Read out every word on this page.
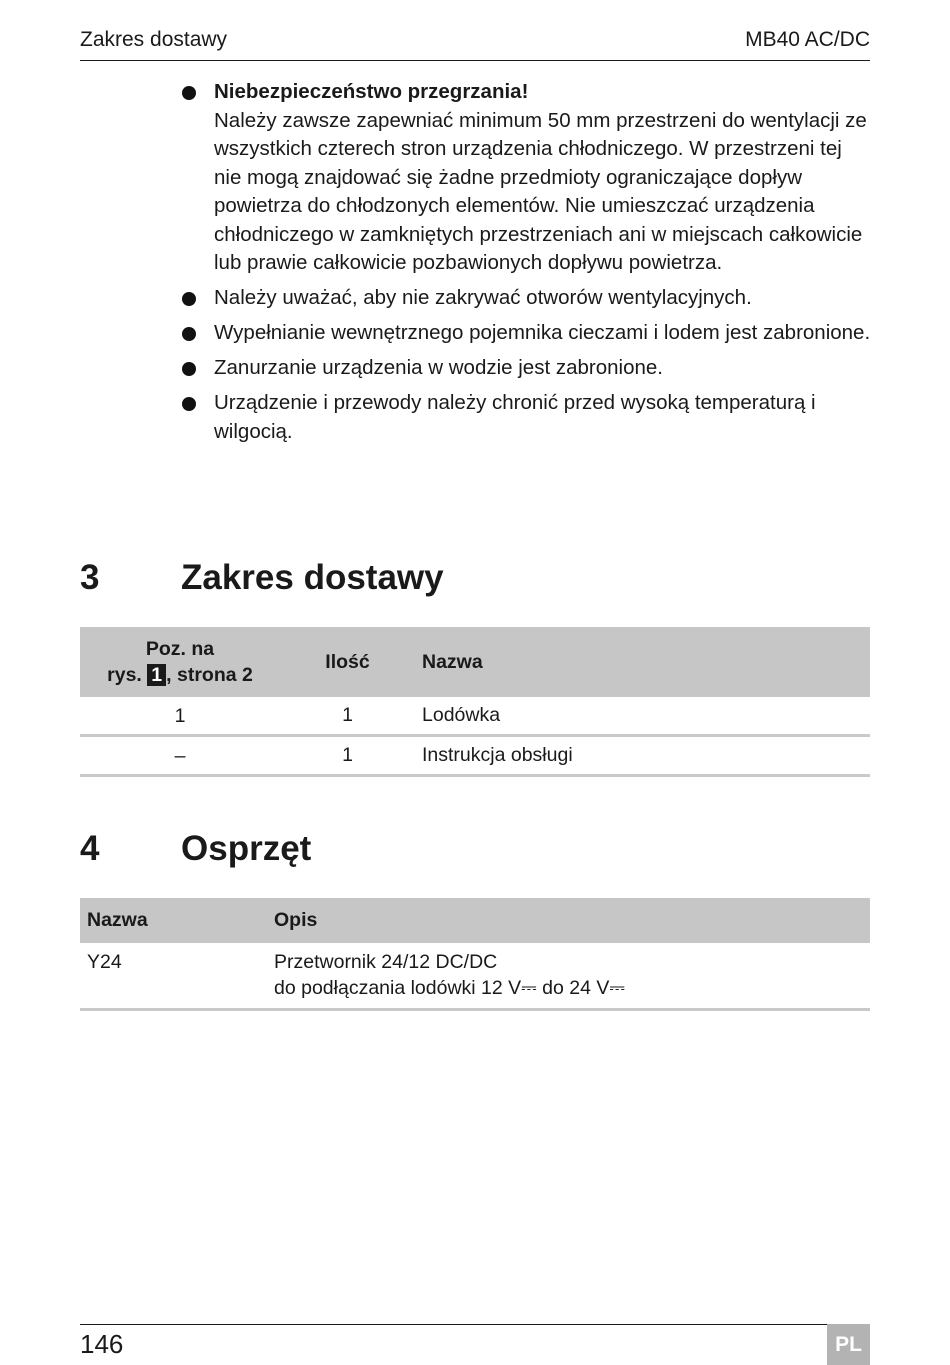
Zakres dostawy	MB40 AC/DC
Niebezpieczeństwo przegrzania!
Należy zawsze zapewniać minimum 50 mm przestrzeni do wentylacji ze wszystkich czterech stron urządzenia chłodniczego. W przestrzeni tej nie mogą znajdować się żadne przedmioty ograniczające dopływ powietrza do chłodzonych elementów. Nie umieszczać urządzenia chłodniczego w zamkniętych przestrzeniach ani w miejscach całkowicie lub prawie całkowicie pozbawionych dopływu powietrza.
Należy uważać, aby nie zakrywać otworów wentylacyjnych.
Wypełnianie wewnętrznego pojemnika cieczami i lodem jest zabronione.
Zanurzanie urządzenia w wodzie jest zabronione.
Urządzenie i przewody należy chronić przed wysoką temperaturą i wilgocią.
3 Zakres dostawy
Poz. na
rys. 1 , strona 2	Ilość	Nazwa
1	1	Lodówka
–	1	Instrukcja obsługi
4 Osprzęt
Nazwa	Opis
Y24	Przetwornik 24/12 DC/DC
do podłączania lodówki 12 V⎓ do 24 V⎓
146	PL
